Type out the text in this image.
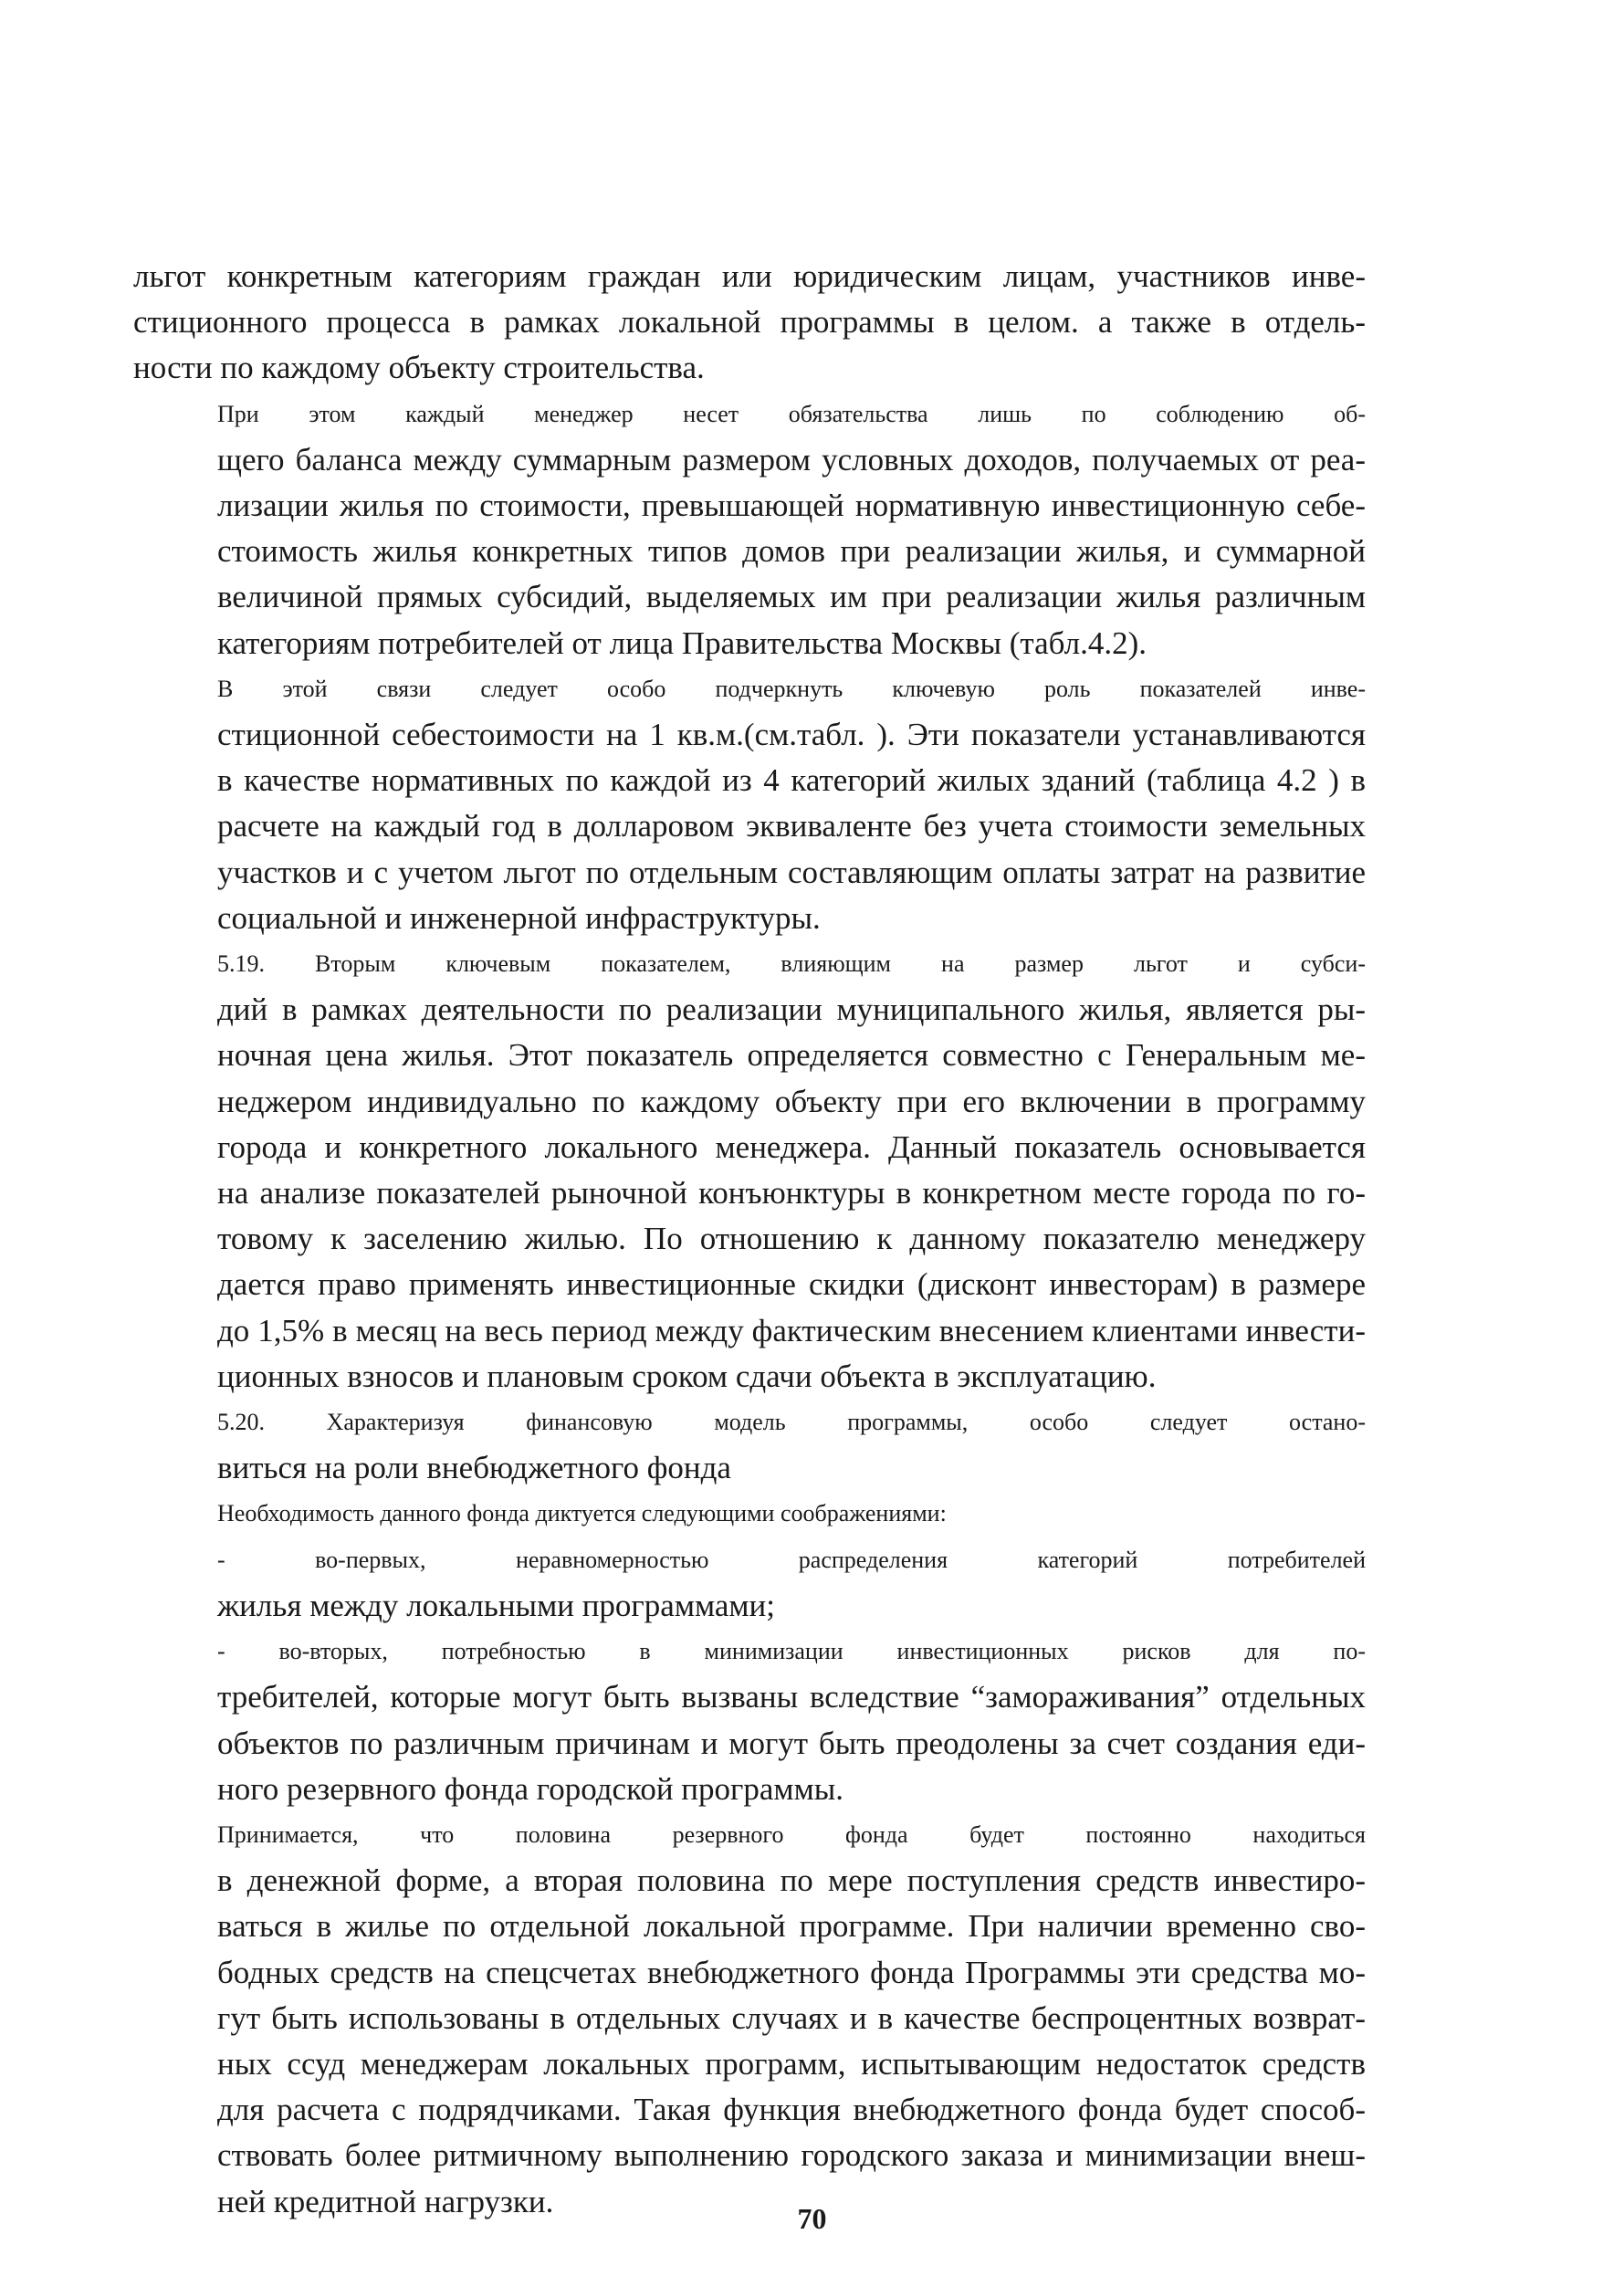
льгот конкретным категориям граждан или юридическим лицам, участников инве-
стиционного процесса в рамках локальной программы в целом. а также в отдель-
ности по каждому объекту строительства.

При этом каждый менеджер несет обязательства лишь по соблюдению об-
щего баланса между суммарным размером условных доходов, получаемых от реа-
лизации жилья по стоимости, превышающей нормативную инвестиционную себе-
стоимость жилья конкретных типов домов при реализации жилья, и суммарной
величиной прямых субсидий, выделяемых им при реализации жилья различным
категориям потребителей от лица Правительства Москвы (табл.4.2).

В этой связи следует особо подчеркнуть ключевую роль показателей инве-
стиционной себестоимости на 1 кв.м.(см.табл. ). Эти показатели устанавливаются
в качестве нормативных по каждой из 4 категорий жилых зданий (таблица 4.2 ) в
расчете на каждый год в долларовом эквиваленте без учета стоимости земельных
участков и с учетом льгот по отдельным составляющим оплаты затрат на развитие
социальной и инженерной инфраструктуры.

5.19. Вторым ключевым показателем, влияющим на размер льгот и субси-
дий в рамках деятельности по реализации муниципального жилья, является ры-
ночная цена жилья. Этот показатель определяется совместно с Генеральным ме-
неджером индивидуально по каждому объекту при его включении в программу
города и конкретного локального менеджера. Данный показатель основывается
на анализе показателей рыночной конъюнктуры в конкретном месте города по го-
товому к заселению жилью. По отношению к данному показателю менеджеру
дается право применять инвестиционные скидки (дисконт инвесторам) в размере
до 1,5% в месяц на весь период между фактическим внесением клиентами инвести-
ционных взносов и плановым сроком сдачи объекта в эксплуатацию.

5.20. Характеризуя финансовую модель программы, особо следует остано-
виться на роли внебюджетного фонда

Необходимость данного фонда диктуется следующими соображениями:

- во-первых, неравномерностью распределения категорий потребителей
жилья между локальными программами;

- во-вторых, потребностью в минимизации инвестиционных рисков для по-
требителей, которые могут быть вызваны вследствие “замораживания” отдельных
объектов по различным причинам и могут быть преодолены за счет создания еди-
ного резервного фонда городской программы.

Принимается, что половина резервного фонда будет постоянно находиться
в денежной форме, а вторая половина по мере поступления средств инвестиро-
ваться в жилье по отдельной локальной программе. При наличии временно сво-
бодных средств на спецсчетах внебюджетного фонда Программы эти средства мо-
гут быть использованы в отдельных случаях и в качестве беспроцентных возврат-
ных ссуд менеджерам локальных программ, испытывающим недостаток средств
для расчета с подрядчиками. Такая функция внебюджетного фонда будет способ-
ствовать более ритмичному выполнению городского заказа и минимизации внеш-
ней кредитной нагрузки.	70
